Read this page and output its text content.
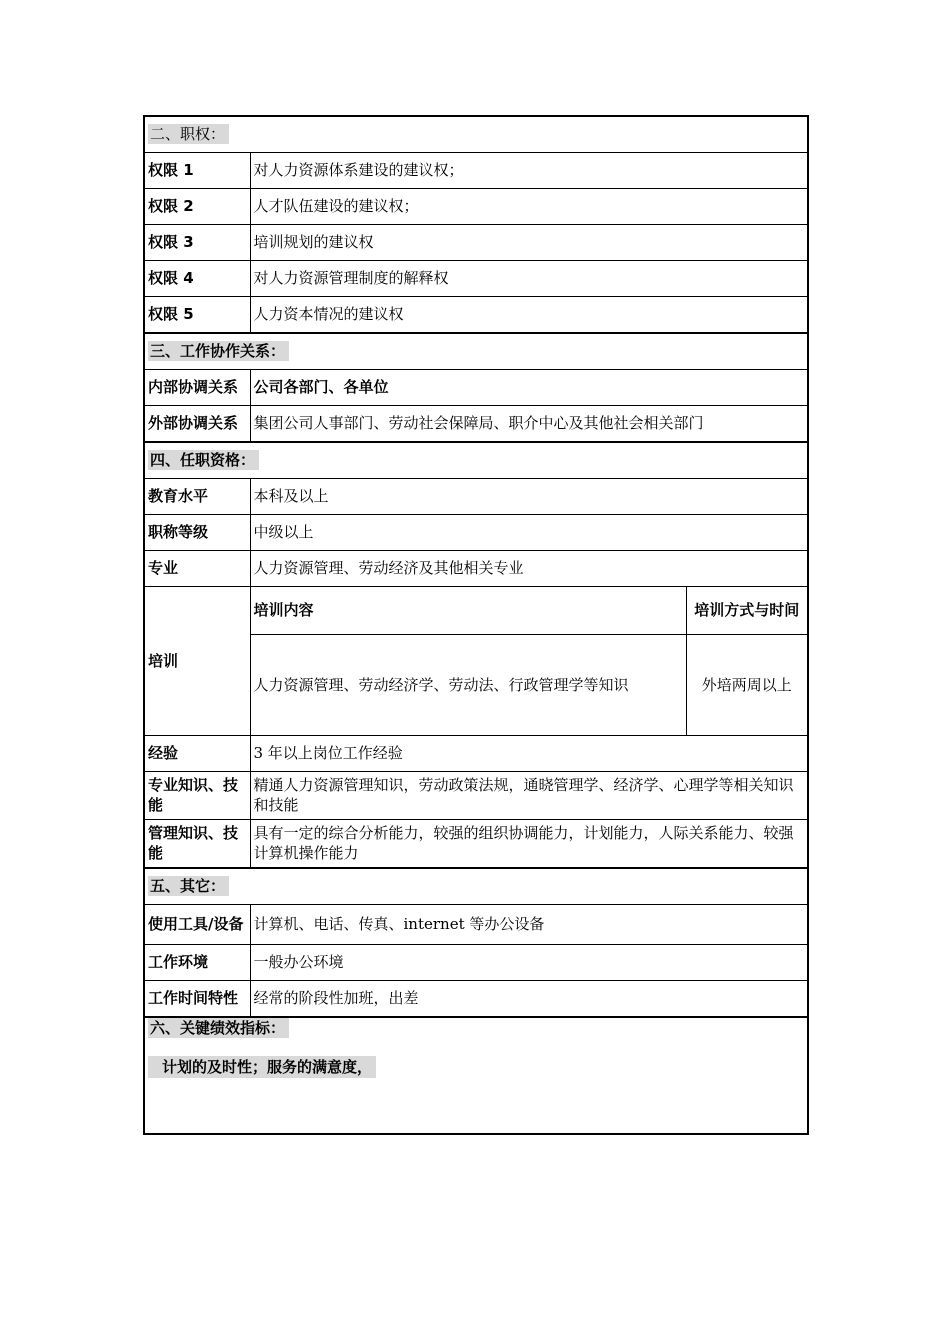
二、职权：		
权限 1	对人力资源体系建设的建议权；	
权限 2	人才队伍建设的建议权；	
权限 3	培训规划的建议权	
权限 4	对人力资源管理制度的解释权	
权限 5	人力资本情况的建议权	
三、工作协作关系：		
内部协调关系	公司各部门、各单位	
外部协调关系	集团公司人事部门、劳动社会保障局、职介中心及其他社会相关部门	
四、任职资格：		
教育水平	本科及以上	
职称等级	中级以上	
专业	人力资源管理、劳动经济及其他相关专业	
培训	培训内容	培训方式与时间
	人力资源管理、劳动经济学、劳动法、行政管理学等知识	外培两周以上
经验	3 年以上岗位工作经验	
专业知识、技能	精通人力资源管理知识，劳动政策法规，通晓管理学、经济学、心理学等相关知识和技能	
管理知识、技能	具有一定的综合分析能力，较强的组织协调能力，计划能力，人际关系能力、较强计算机操作能力	
五、其它：		
使用工具/设备	计算机、电话、传真、internet 等办公设备	
工作环境	一般办公环境	
工作时间特性	经常的阶段性加班，出差	
六、关键绩效指标：
计划的及时性；服务的满意度，		
